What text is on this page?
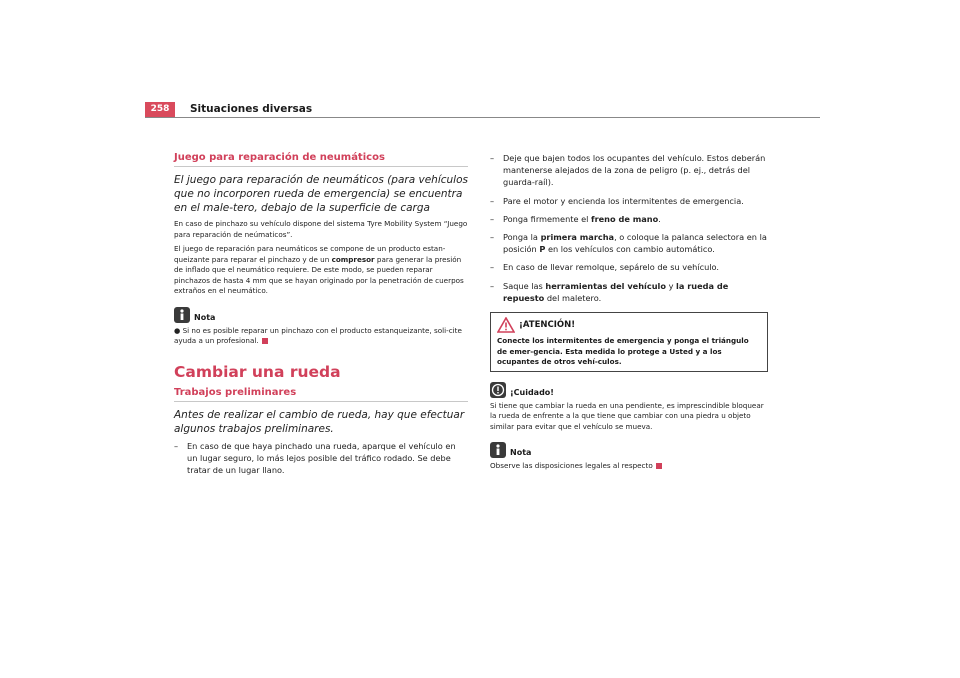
258	Situaciones diversas
Juego para reparación de neumáticos

El juego para reparación de neumáticos (para vehículos que no incorporen rueda de emergencia) se encuentra en el male-tero, debajo de la superficie de carga

En caso de pinchazo su vehículo dispone del sistema Tyre Mobility System “Juego para reparación de neúmaticos”.

El juego de reparación para neumáticos se compone de un producto estan-queizante para reparar el pinchazo y de un compresor para generar la presión de inflado que el neumático requiere. De este modo, se pueden reparar pinchazos de hasta 4 mm que se hayan originado por la penetración de cuerpos extraños en el neumático.

Nota

● Si no es posible reparar un pinchazo con el producto estanqueizante, soli-cite ayuda a un profesional.

Cambiar una rueda
Trabajos preliminares

Antes de realizar el cambio de rueda, hay que efectuar algunos trabajos preliminares.

– En caso de que haya pinchado una rueda, aparque el vehículo en un lugar seguro, lo más lejos posible del tráfico rodado. Se debe tratar de un lugar llano.
– Deje que bajen todos los ocupantes del vehículo. Estos deberán mantenerse alejados de la zona de peligro (p. ej., detrás del guarda-raíl).
– Pare el motor y encienda los intermitentes de emergencia.
– Ponga firmemente el freno de mano.
– Ponga la primera marcha, o coloque la palanca selectora en la posición P en los vehículos con cambio automático.
– En caso de llevar remolque, sepárelo de su vehículo.
– Saque las herramientas del vehículo y la rueda de repuesto del maletero.
¡ATENCIÓN!

Conecte los intermitentes de emergencia y ponga el triángulo de emer-gencia. Esta medida lo protege a Usted y a los ocupantes de otros vehí-culos.

¡Cuidado!

Si tiene que cambiar la rueda en una pendiente, es imprescindible bloquear la rueda de enfrente a la que tiene que cambiar con una piedra u objeto similar para evitar que el vehículo se mueva.

Nota

Observe las disposiciones legales al respecto
